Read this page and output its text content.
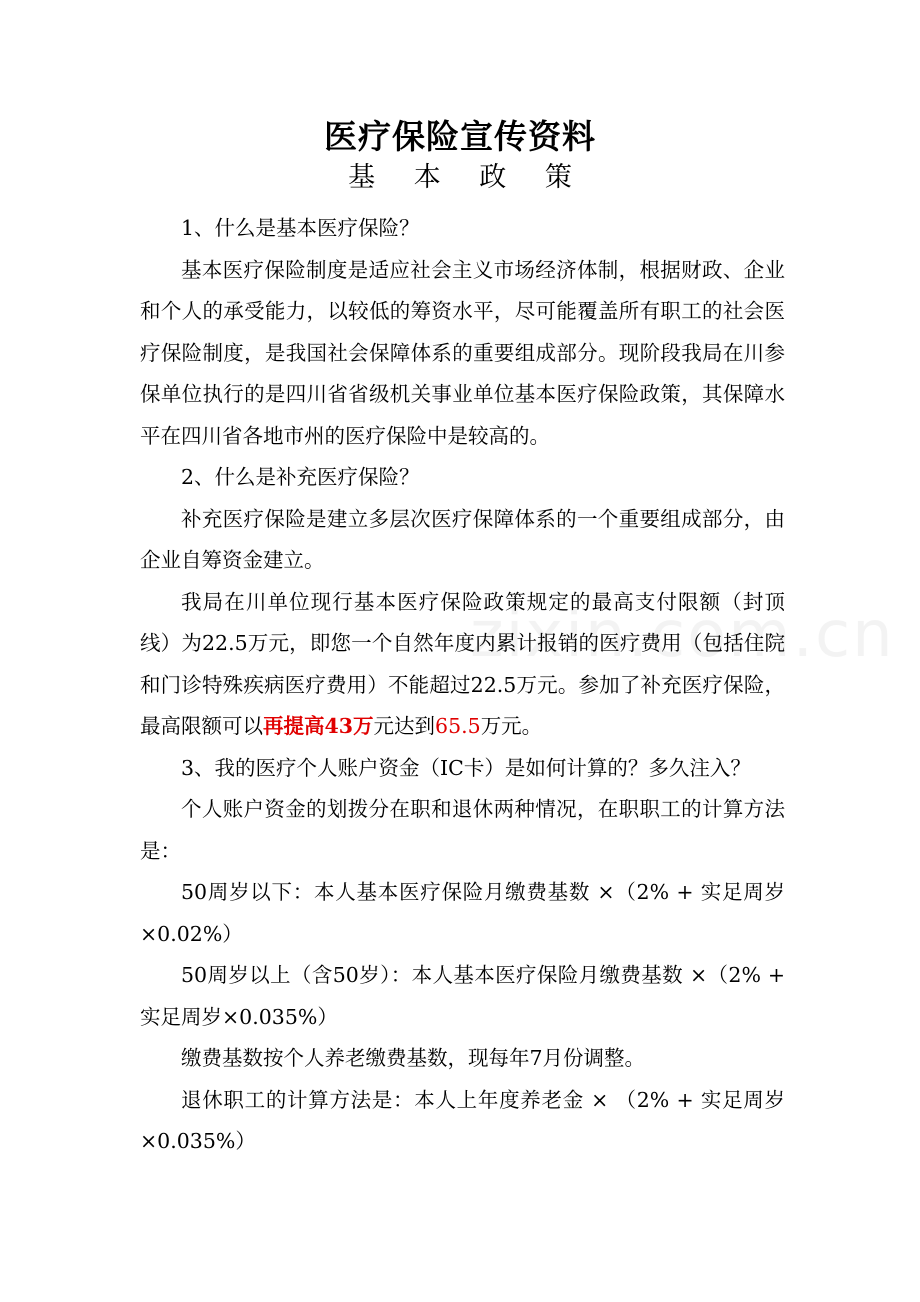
医疗保险宣传资料
基 本 政 策

1、什么是基本医疗保险？

基本医疗保险制度是适应社会主义市场经济体制，根据财政、企业和个人的承受能力，以较低的筹资水平，尽可能覆盖所有职工的社会医疗保险制度，是我国社会保障体系的重要组成部分。现阶段我局在川参保单位执行的是四川省省级机关事业单位基本医疗保险政策，其保障水平在四川省各地市州的医疗保险中是较高的。

2、什么是补充医疗保险？

补充医疗保险是建立多层次医疗保障体系的一个重要组成部分，由企业自筹资金建立。

我局在川单位现行基本医疗保险政策规定的最高支付限额（封顶线）为22.5万元，即您一个自然年度内累计报销的医疗费用（包括住院和门诊特殊疾病医疗费用）不能超过22.5万元。参加了补充医疗保险，最高限额可以再提高43万元达到65.5万元。

3、我的医疗个人账户资金（IC卡）是如何计算的？多久注入？

个人账户资金的划拨分在职和退休两种情况，在职职工的计算方法是：

50周岁以下：本人基本医疗保险月缴费基数 ×（2% + 实足周岁×0.02%）

50周岁以上（含50岁）：本人基本医疗保险月缴费基数 ×（2% + 实足周岁×0.035%）

缴费基数按个人养老缴费基数，现每年7月份调整。

退休职工的计算方法是：本人上年度养老金 × （2% + 实足周岁×0.035%）
